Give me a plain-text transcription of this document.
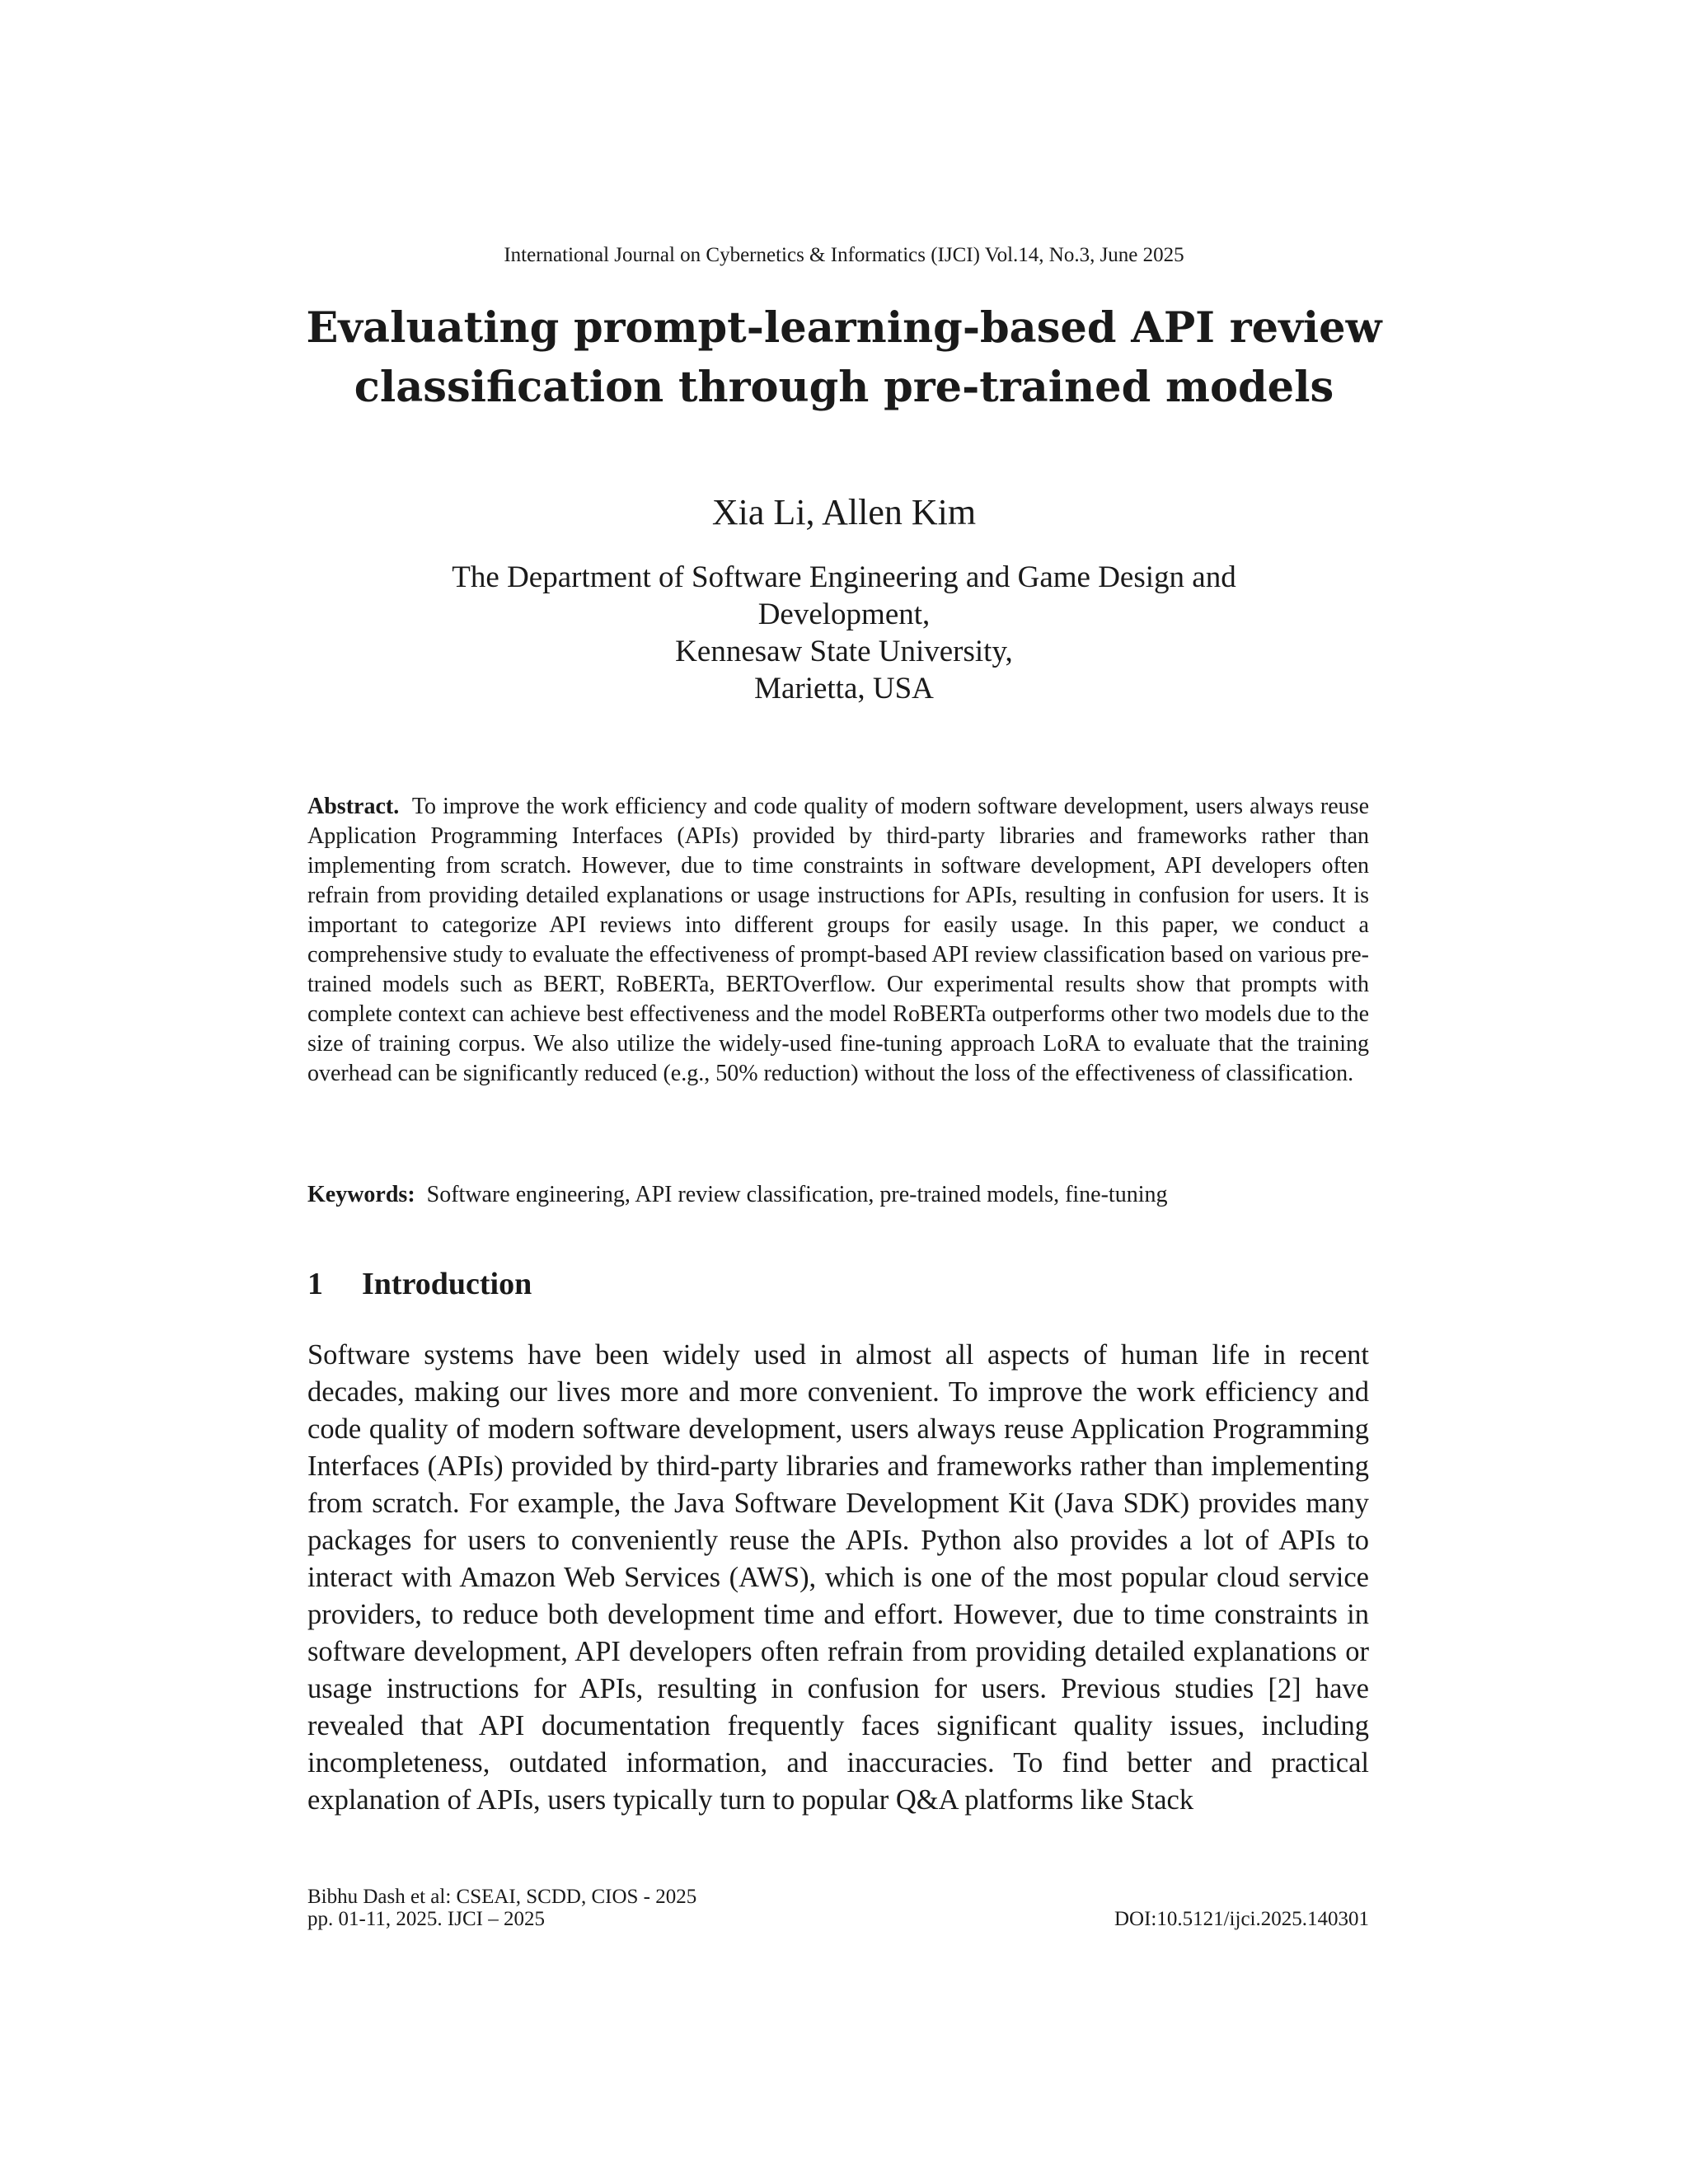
International Journal on Cybernetics & Informatics (IJCI) Vol.14, No.3, June 2025
Evaluating prompt-learning-based API review classification through pre-trained models
Xia Li, Allen Kim
The Department of Software Engineering and Game Design and
Development,
Kennesaw State University,
Marietta, USA

Abstract. To improve the work efficiency and code quality of modern software development, users always reuse Application Programming Interfaces (APIs) provided by third-party libraries and frameworks rather than implementing from scratch. However, due to time constraints in software development, API developers often refrain from providing detailed explanations or usage instructions for APIs, resulting in confusion for users. It is important to categorize API reviews into different groups for easily usage. In this paper, we conduct a comprehensive study to evaluate the effectiveness of prompt-based API review classification based on various pre-trained models such as BERT, RoBERTa, BERTOverflow. Our experimental results show that prompts with complete context can achieve best effectiveness and the model RoBERTa outperforms other two models due to the size of training corpus. We also utilize the widely-used fine-tuning approach LoRA to evaluate that the training overhead can be significantly reduced (e.g., 50% reduction) without the loss of the effectiveness of classification.

Keywords: Software engineering, API review classification, pre-trained models, fine-tuning
1 Introduction

Software systems have been widely used in almost all aspects of human life in recent decades, making our lives more and more convenient. To improve the work efficiency and code quality of modern software development, users always reuse Application Programming Interfaces (APIs) provided by third-party libraries and frameworks rather than implementing from scratch. For example, the Java Software Development Kit (Java SDK) provides many packages for users to conveniently reuse the APIs. Python also provides a lot of APIs to interact with Amazon Web Services (AWS), which is one of the most popular cloud service providers, to reduce both development time and effort. However, due to time constraints in software development, API developers often refrain from providing detailed explanations or usage instructions for APIs, resulting in confusion for users. Previous studies [2] have revealed that API documentation frequently faces significant quality issues, including incompleteness, outdated information, and inaccuracies. To find better and practical explanation of APIs, users typically turn to popular Q&A platforms like Stack

Bibhu Dash et al: CSEAI, SCDD, CIOS - 2025
pp. 01-11, 2025. IJCI – 2025	DOI:10.5121/ijci.2025.140301
